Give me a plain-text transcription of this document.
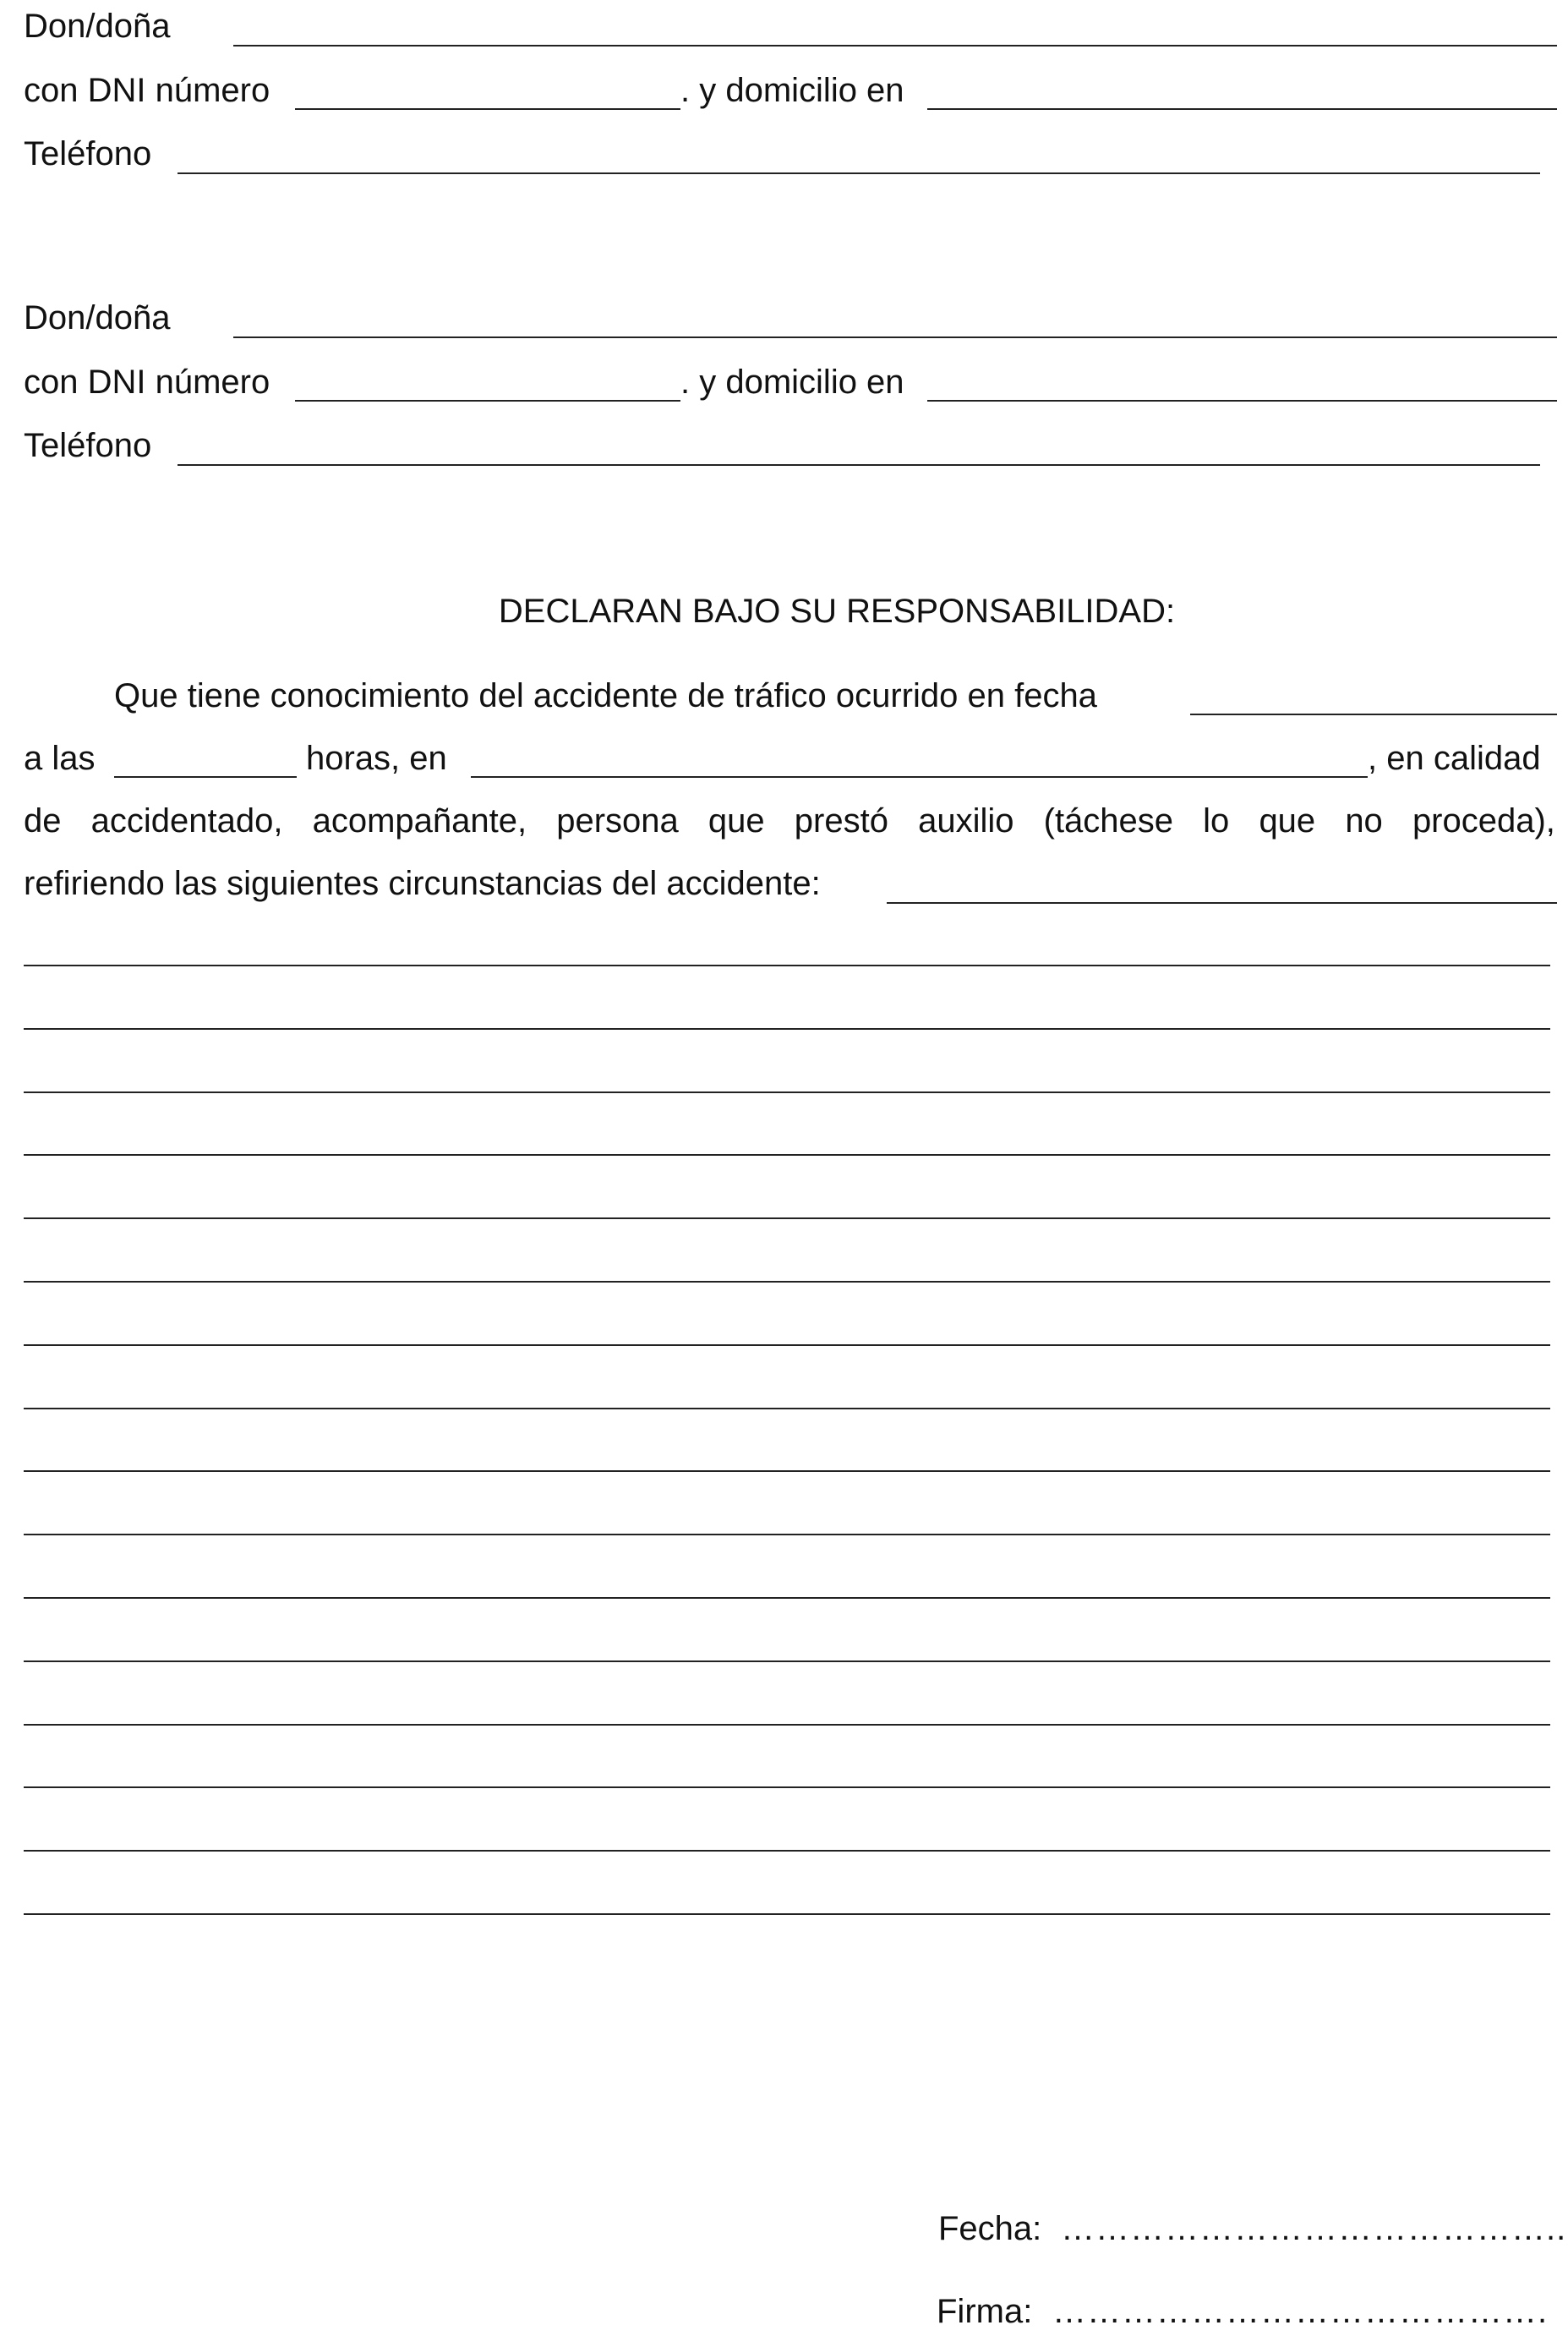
Don/doña
con DNI número	. y domicilio en
Teléfono
Don/doña
con DNI número	. y domicilio en
Teléfono
DECLARAN BAJO SU RESPONSABILIDAD:
Que tiene conocimiento del accidente de tráfico ocurrido en fecha
a las	horas, en	, en calidad
de accidentado, acompañante, persona que prestó auxilio (táchese lo que no proceda),
refiriendo las siguientes circunstancias del accidente:
Fecha: ……………………………………..
Firma: …………………………………….
